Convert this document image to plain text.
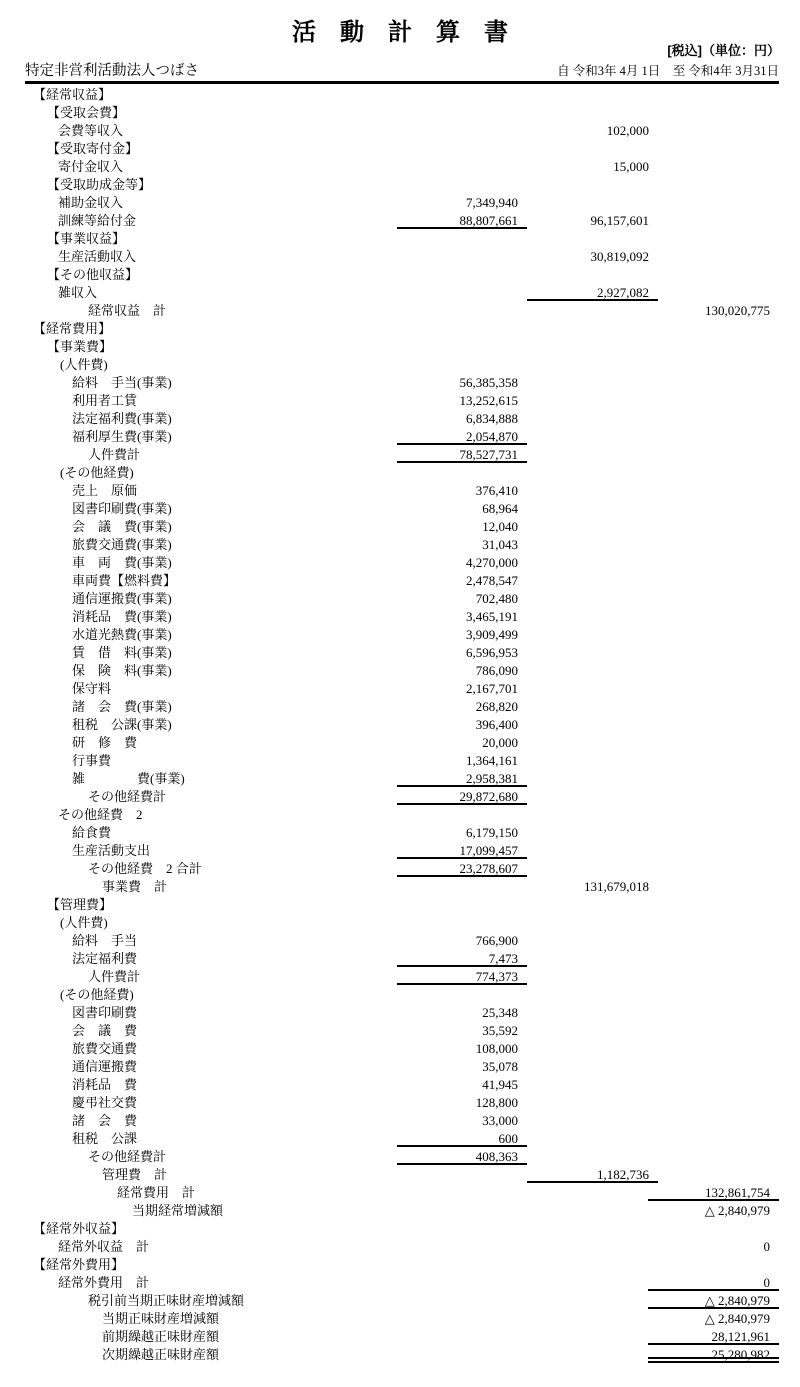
活動計算書
[税込]（単位：円）
特定非営利活動法人つばさ	自 令和3年 4月 1日　至 令和4年 3月31日
【経常収益】
【受取会費】
会費等収入	102,000
【受取寄付金】
寄付金収入	15,000
【受取助成金等】
補助金収入	7,349,940
訓練等給付金	88,807,661	96,157,601
【事業収益】
生産活動収入	30,819,092
【その他収益】
雑収入	2,927,082
経常収益　計	130,020,775
【経常費用】
【事業費】
(人件費)
給料　手当(事業)	56,385,358
利用者工賃	13,252,615
法定福利費(事業)	6,834,888
福利厚生費(事業)	2,054,870
人件費計	78,527,731
(その他経費)
売上　原価	376,410
図書印刷費(事業)	68,964
会　議　費(事業)	12,040
旅費交通費(事業)	31,043
車　両　費(事業)	4,270,000
車両費【燃料費】	2,478,547
通信運搬費(事業)	702,480
消耗品　費(事業)	3,465,191
水道光熱費(事業)	3,909,499
賃　借　料(事業)	6,596,953
保　険　料(事業)	786,090
保守料	2,167,701
諸　会　費(事業)	268,820
租税　公課(事業)	396,400
研　修　費	20,000
行事費	1,364,161
雑　　　　費(事業)	2,958,381
その他経費計	29,872,680
その他経費　2
給食費	6,179,150
生産活動支出	17,099,457
その他経費　2 合計	23,278,607
事業費　計	131,679,018
【管理費】
(人件費)
給料　手当	766,900
法定福利費	7,473
人件費計	774,373
(その他経費)
図書印刷費	25,348
会　議　費	35,592
旅費交通費	108,000
通信運搬費	35,078
消耗品　費	41,945
慶弔社交費	128,800
諸　会　費	33,000
租税　公課	600
その他経費計	408,363
管理費　計	1,182,736
経常費用　計	132,861,754
当期経常増減額	△ 2,840,979
【経常外収益】
経常外収益　計	0
【経常外費用】
経常外費用　計	0
税引前当期正味財産増減額	△ 2,840,979
当期正味財産増減額	△ 2,840,979
前期繰越正味財産額	28,121,961
次期繰越正味財産額	25,280,982
